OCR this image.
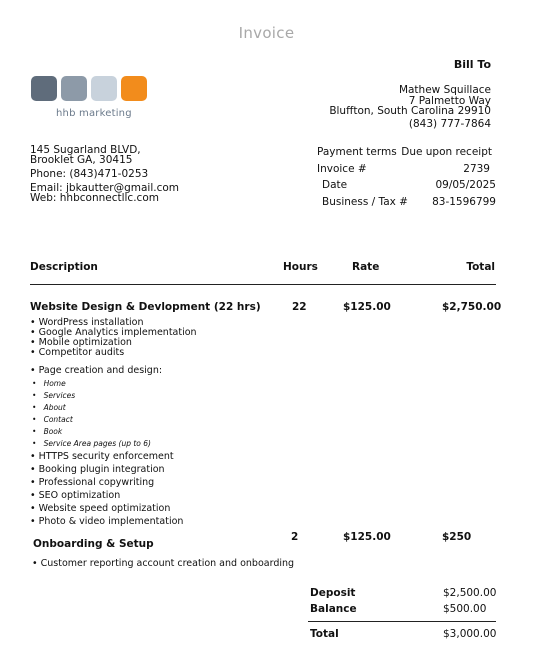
Invoice
Bill To
Mathew Squillace
7 Palmetto Way
Bluffton, South Carolina 29910
(843) 777-7864
hhb marketing
145 Sugarland BLVD,
Brooklet GA, 30415
Phone: (843)471-0253
Email: jbkautter@gmail.com
Web: hhbconnectllc.com
Payment terms Due upon receipt
Invoice #	2739
Date	09/05/2025
Business / Tax # 83-1596799
Description	Hours	Rate	Total
Website Design & Devlopment (22 hrs)	22	$125.00	$2,750.00
• WordPress installation
• Google Analytics implementation
• Mobile optimization
• Competitor audits
• Page creation and design:
•   Home
•   Services
•   About
•   Contact
•   Book
•   Service Area pages (up to 6)
• HTTPS security enforcement
• Booking plugin integration
• Professional copywriting
• SEO optimization
• Website speed optimization
• Photo & video implementation
Onboarding & Setup
2	$125.00	$250
• Customer reporting account creation and onboarding
Deposit	$2,500.00
Balance	$500.00
Total	$3,000.00
